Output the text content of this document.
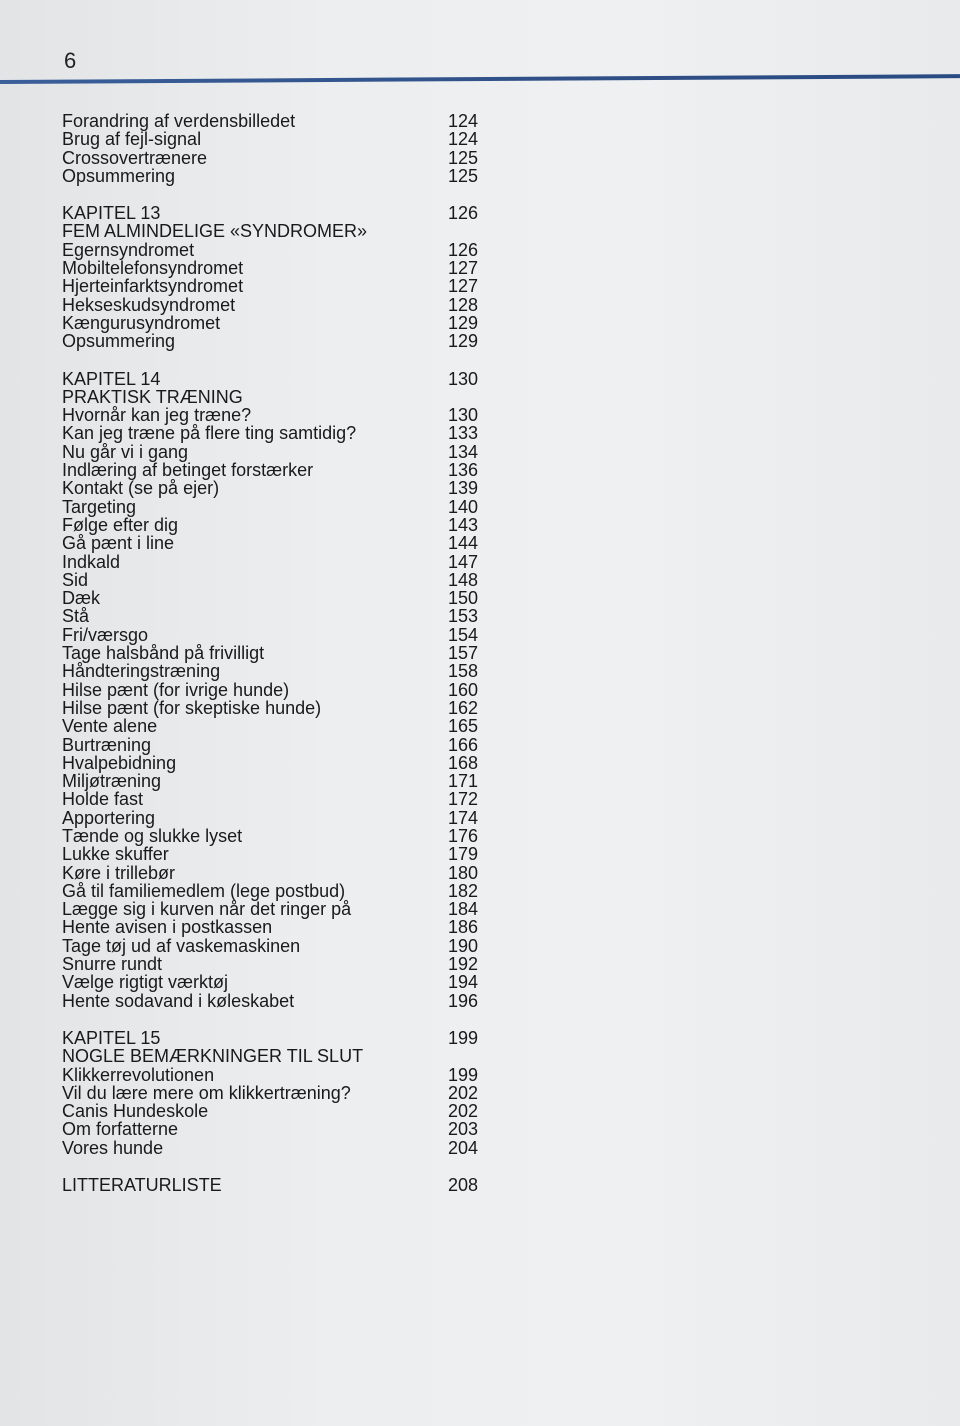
6
Forandring af verdensbilledet	124
Brug af fejl-signal	124
Crossovertrænere	125
Opsummering	125
KAPITEL 13	126
FEM ALMINDELIGE «SYNDROMER»
Egernsyndromet	126
Mobiltelefonsyndromet	127
Hjerteinfarktsyndromet	127
Hekseskudsyndromet	128
Kængurusyndromet	129
Opsummering	129
KAPITEL 14	130
PRAKTISK TRÆNING
Hvornår kan jeg træne?	130
Kan jeg træne på flere ting samtidig?	133
Nu går vi i gang	134
Indlæring af betinget forstærker	136
Kontakt (se på ejer)	139
Targeting	140
Følge efter dig	143
Gå pænt i line	144
Indkald	147
Sid	148
Dæk	150
Stå	153
Fri/værsgo	154
Tage halsbånd på frivilligt	157
Håndteringstræning	158
Hilse pænt (for ivrige hunde)	160
Hilse pænt (for skeptiske hunde)	162
Vente alene	165
Burtræning	166
Hvalpebidning	168
Miljøtræning	171
Holde fast	172
Apportering	174
Tænde og slukke lyset	176
Lukke skuffer	179
Køre i trillebør	180
Gå til familiemedlem (lege postbud)	182
Lægge sig i kurven når det ringer på	184
Hente avisen i postkassen	186
Tage tøj ud af vaskemaskinen	190
Snurre rundt	192
Vælge rigtigt værktøj	194
Hente sodavand i køleskabet	196
KAPITEL 15	199
NOGLE BEMÆRKNINGER TIL SLUT
Klikkerrevolutionen	199
Vil du lære mere om klikkertræning?	202
Canis Hundeskole	202
Om forfatterne	203
Vores hunde	204
LITTERATURLISTE	208
